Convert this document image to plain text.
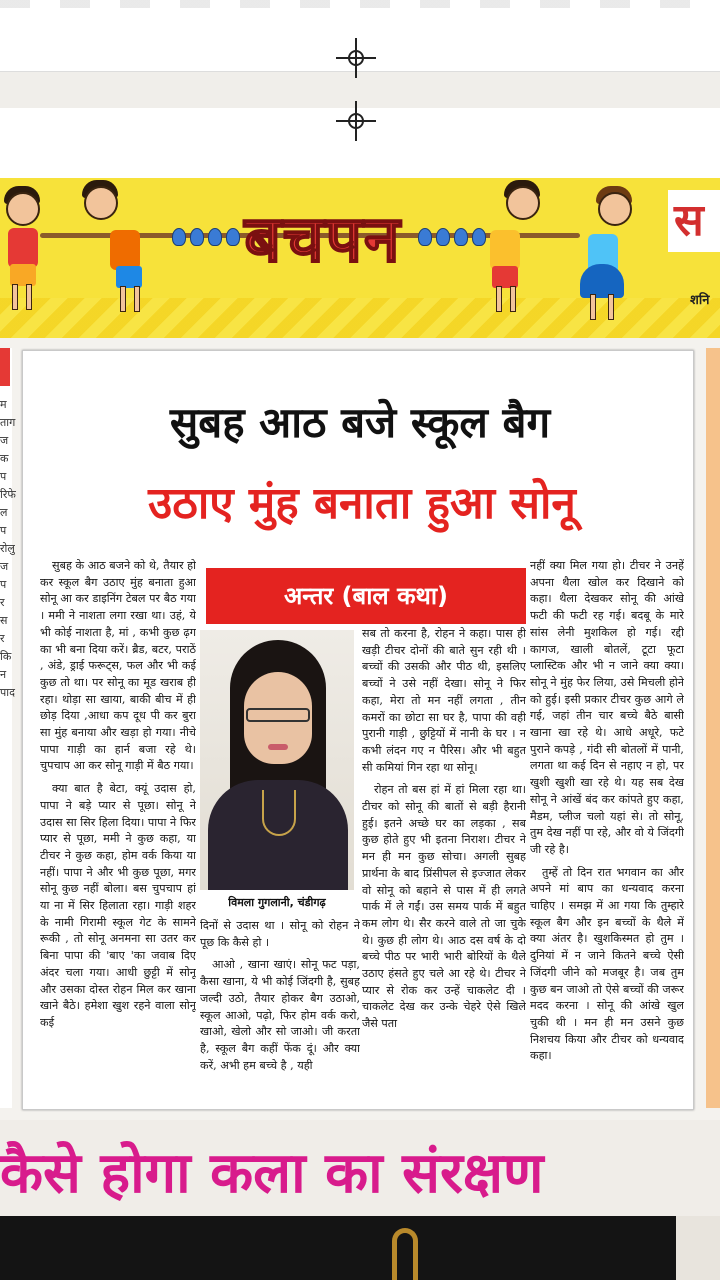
बचपन	स
शनि
मतागजकपरिफेलपरोलुजपरसरकिनपाद
सुबह आठ बजे स्कूल बैग
उठाए मुंह बनाता हुआ सोनू

सुबह के आठ बजने को थे, तैयार हो कर स्कूल बैग उठाए मुंह बनाता हुआ सोनू आ कर डाइनिंग टेबल पर बैठ गया । ममी ने नाशता लगा रखा था। उहं, ये भी कोई नाशता है, मां , कभी कुछ ढ़ग का भी बना दिया करें। ब्रैड, बटर, पराठें , अंडे, ड्राई फरूट्स, फल और भी कई कुछ तो था। पर सोनू का मूड खराब ही रहा। थोड़ा सा खाया, बाकी बीच में ही छोड़ दिया ,आधा कप दूध पी कर बुरा सा मुंह बनाया और खड़ा हो गया। नीचे पापा गाड़ी का हार्न बजा रहे थे। चुपचाप आ कर सोनू गाड़ी में बैठ गया।

क्या बात है बेटा, क्यूं उदास हो, पापा ने बड़े प्यार से पूछा। सोनू ने उदास सा सिर हिला दिया। पापा ने फिर प्यार से पूछा, ममी ने कुछ कहा, या टीचर ने कुछ कहा, होम वर्क किया या नहीं। पापा ने और भी कुछ पूछा, मगर सोनू कुछ नहीं बोला। बस चुपचाप हां या ना में सिर हिलाता रहा। गाड़ी शहर के नामी गिरामी स्कूल गेट के सामने रूकी , तो सोनू अनमना सा उतर कर बिना पापा की 'बाए 'का जवाब दिए अंदर चला गया। आधी छुट्टी में सोनू और उसका दोस्त रोहन मिल कर खाना खाने बैठे। हमेशा खुश रहने वाला सोनू कई

अन्तर (बाल कथा)
विमला गुगलानी, चंडीगढ़

दिनों से उदास था । सोनू को रोहन ने पूछ कि कैसे हो ।

आओ , खाना खाएं। सोनू फट पड़ा, कैसा खाना, ये भी कोई जिंदगी है, सुबह जल्दी उठो, तैयार होकर बैग उठाओ, स्कूल आओ, पढ़ो, फिर होम वर्क करो, खाओ, खेलो और सो जाओ। जी करता है, स्कूल बैग कहीं फेंक दूं। और क्या करें, अभी हम बच्चे है , यही

सब तो करना है, रोहन ने कहा। पास ही खड़ी टीचर दोनों की बाते सुन रही थी । बच्चों की उसकी और पीठ थी, इसलिए बच्चों ने उसे नहीं देखा। सोनू ने फिर कहा, मेरा तो मन नहीं लगता , तीन कमरों का छोटा सा घर है, पापा की वही पुरानी गाड़ी , छुट्टियों में नानी के घर । न कभी लंदन गए न पैरिस। और भी बहुत सी कमियां गिन रहा था सोनू।

रोहन तो बस हां में हां मिला रहा था। टीचर को सोनू की बातों से बड़ी हैरानी हुई। इतने अच्छे घर का लड़का , सब कुछ होते हुए भी इतना निराश। टीचर ने मन ही मन कुछ सोचा। अगली सुबह प्रार्थना के बाद प्रिंसीपल से इज्जात लेकर वो सोनू को बहाने से पास में ही लगते पार्क में ले गईं। उस समय पार्क में बहुत कम लोग थे। सैर करने वाले तो जा चुके थे। कुछ ही लोग थे। आठ दस वर्ष के दो बच्चे पीठ पर भारी भारी बोरियों के थैले उठाए हंसते हुए चले आ रहे थे। टीचर ने प्यार से रोक कर उन्हें चाकलेट दी । चाकलेट देख कर उन्के चेहरे ऐसे खिले जैसे पता

नहीं क्या मिल गया हो। टीचर ने उनहें अपना थैला खोल कर दिखाने को कहा। थैला देखकर सोनू की आंखे फटी की फटी रह गई। बदबू के मारे सांस लेनी मुशकिल हो गई। रद्दी कागज, खाली बोतलें, टूटा फूटा प्लास्टिक और भी न जाने क्या क्या। सोनू ने मुंह फेर लिया, उसे मिचली होने को हुई। इसी प्रकार टीचर कुछ आगे ले गई, जहां तीन चार बच्चे बैठे बासी खाना खा रहे थे। आधे अधूरे, फटे पुराने कपड़े , गंदी सी बोतलों में पानी, लगता था कई दिन से नहाए न हो, पर खुशी खुशी खा रहे थे। यह सब देख सोनू ने आंखें बंद कर कांपते हुए कहा, मैडम, प्लीज चलो यहां से। तो सोनू, तुम देख नहीं पा रहे, और वो ये जिंदगी जी रहे है।

तुम्हें तो दिन रात भगवान का और अपने मां बाप का धन्यवाद करना चाहिए । समझ में आ गया कि तुम्हारे स्कूल बैग और इन बच्चों के थैले में क्या अंतर है। खुशकिस्मत हो तुम । दुनियां में न जाने कितने बच्चे ऐसी जिंदगी जीने को मजबूर है। जब तुम कुछ बन जाओ तो ऐसे बच्चों की जरूर मदद करना । सोनू की आंखे खुल चुकी थी । मन ही मन उसने कुछ निशचय किया और टीचर को धन्यवाद कहा।

कैसे होगा कला का संरक्षण
